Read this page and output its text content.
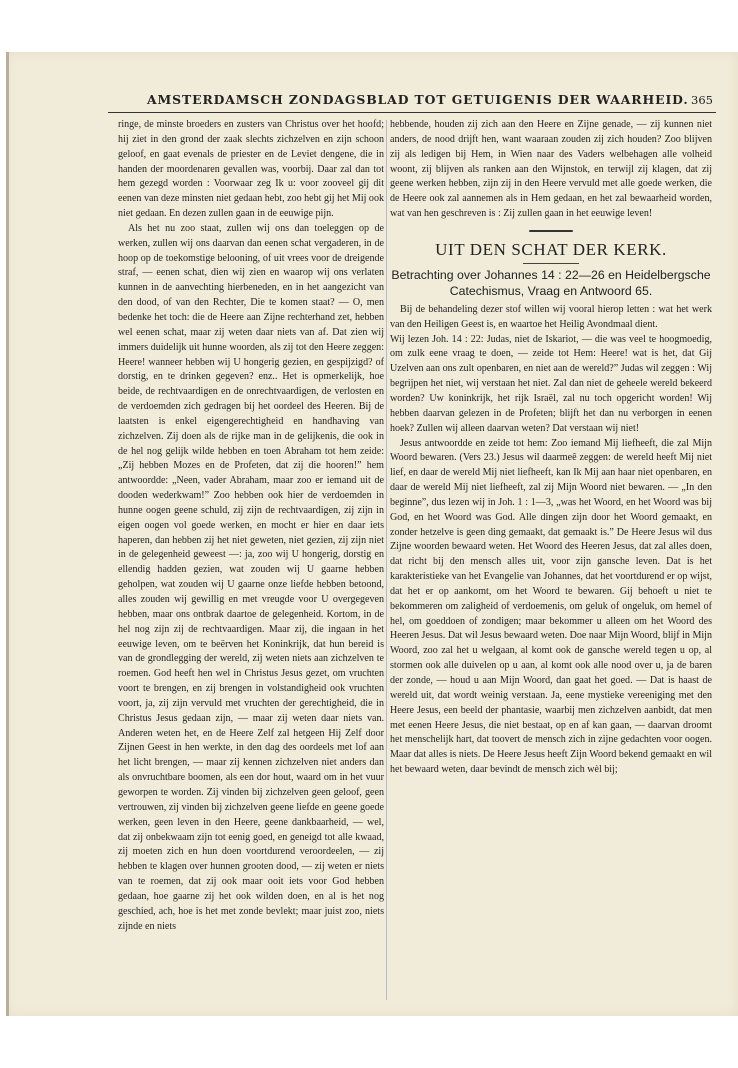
AMSTERDAMSCH ZONDAGSBLAD TOT GETUIGENIS DER WAARHEID. 365

ringe, de minste broeders en zusters van Christus over het hoofd; hij ziet in den grond der zaak slechts zichzelven en zijn schoon geloof, en gaat evenals de priester en de Leviet dengene, die in handen der moordenaren gevallen was, voorbij. Daar zal dan tot hem gezegd worden : Voorwaar zeg Ik u: voor zooveel gij dit eenen van deze minsten niet gedaan hebt, zoo hebt gij het Mij ook niet gedaan. En dezen zullen gaan in de eeuwige pijn.

Als het nu zoo staat, zullen wij ons dan toeleggen op de werken, zullen wij ons daarvan dan eenen schat vergaderen, in de hoop op de toekomstige belooning, of uit vrees voor de dreigende straf, — eenen schat, dien wij zien en waarop wij ons verlaten kunnen in de aanvechting hierbeneden, en in het aangezicht van den dood, of van den Rechter, Die te komen staat? — O, men bedenke het toch: die de Heere aan Zijne rechterhand zet, hebben wel eenen schat, maar zij weten daar niets van af. Dat zien wij immers duidelijk uit hunne woorden, als zij tot den Heere zeggen: Heere! wanneer hebben wij U hongerig gezien, en gespijzigd? of dorstig, en te drinken gegeven? enz.. Het is opmerkelijk, hoe beide, de rechtvaardigen en de onrechtvaardigen, de verlosten en de verdoemden zich gedragen bij het oordeel des Heeren. Bij de laatsten is enkel eigengerechtigheid en handhaving van zichzelven. Zij doen als de rijke man in de gelijkenis, die ook in de hel nog gelijk wilde hebben en toen Abraham tot hem zeide: „Zij hebben Mozes en de Profeten, dat zij die hooren!” hem antwoordde: „Neen, vader Abraham, maar zoo er iemand uit de dooden wederkwam!” Zoo hebben ook hier de verdoemden in hunne oogen geene schuld, zij zijn de rechtvaardigen, zij zijn in eigen oogen vol goede werken, en mocht er hier en daar iets haperen, dan hebben zij het niet geweten, niet gezien, zij zijn niet in de gelegenheid geweest —: ja, zoo wij U hongerig, dorstig en ellendig hadden gezien, wat zouden wij U gaarne hebben geholpen, wat zouden wij U gaarne onze liefde hebben betoond, alles zouden wij gewillig en met vreugde voor U overgegeven hebben, maar ons ontbrak daartoe de gelegenheid. Kortom, in de hel nog zijn zij de rechtvaardigen. Maar zij, die ingaan in het eeuwige leven, om te beërven het Koninkrijk, dat hun bereid is van de grondlegging der wereld, zij weten niets aan zichzelven te roemen. God heeft hen wel in Christus Jesus gezet, om vruchten voort te brengen, en zij brengen in volstandigheid ook vruchten voort, ja, zij zijn vervuld met vruchten der gerechtigheid, die in Christus Jesus gedaan zijn, — maar zij weten daar niets van. Anderen weten het, en de Heere Zelf zal hetgeen Hij Zelf door Zijnen Geest in hen werkte, in den dag des oordeels met lof aan het licht brengen, — maar zij kennen zichzelven niet anders dan als onvruchtbare boomen, als een dor hout, waard om in het vuur geworpen te worden. Zij vinden bij zichzelven geen geloof, geen vertrouwen, zij vinden bij zichzelven geene liefde en geene goede werken, geen leven in den Heere, geene dankbaarheid, — wel, dat zij onbekwaam zijn tot eenig goed, en geneigd tot alle kwaad, zij moeten zich en hun doen voortdurend veroordeelen, — zij hebben te klagen over hunnen grooten dood, — zij weten er niets van te roemen, dat zij ook maar ooit iets voor God hebben gedaan, hoe gaarne zij het ook wilden doen, en al is het nog geschied, ach, hoe is het met zonde bevlekt; maar juist zoo, niets zijnde en niets

hebbende, houden zij zich aan den Heere en Zijne genade, — zij kunnen niet anders, de nood drijft hen, want waaraan zouden zij zich houden? Zoo blijven zij als ledigen bij Hem, in Wien naar des Vaders welbehagen alle volheid woont, zij blijven als ranken aan den Wijnstok, en terwijl zij klagen, dat zij geene werken hebben, zijn zij in den Heere vervuld met alle goede werken, die de Heere ook zal aannemen als in Hem gedaan, en het zal bewaarheid worden, wat van hen geschreven is : Zij zullen gaan in het eeuwige leven!

UIT DEN SCHAT DER KERK.
Betrachting over Johannes 14 : 22—26 en Heidelbergsche Catechismus, Vraag en Antwoord 65.

Bij de behandeling dezer stof willen wij vooral hierop letten : wat het werk van den Heiligen Geest is, en waartoe het Heilig Avondmaal dient.

Wij lezen Joh. 14 : 22: Judas, niet de Iskariot, — die was veel te hoogmoedig, om zulk eene vraag te doen, — zeide tot Hem: Heere! wat is het, dat Gij Uzelven aan ons zult openbaren, en niet aan de wereld?” Judas wil zeggen : Wij begrijpen het niet, wij verstaan het niet. Zal dan niet de geheele wereld bekeerd worden? Uw koninkrijk, het rijk Israël, zal nu toch opgericht worden! Wij hebben daarvan gelezen in de Profeten; blijft het dan nu verborgen in eenen hoek? Zullen wij alleen daarvan weten? Dat verstaan wij niet!

Jesus antwoordde en zeide tot hem: Zoo iemand Mij liefheeft, die zal Mijn Woord bewaren. (Vers 23.) Jesus wil daarmeê zeggen: de wereld heeft Mij niet lief, en daar de wereld Mij niet liefheeft, kan Ik Mij aan haar niet openbaren, en daar de wereld Mij niet liefheeft, zal zij Mijn Woord niet bewaren. — „In den beginne”, dus lezen wij in Joh. 1 : 1—3, „was het Woord, en het Woord was bij God, en het Woord was God. Alle dingen zijn door het Woord gemaakt, en zonder hetzelve is geen ding gemaakt, dat gemaakt is.” De Heere Jesus wil dus Zijne woorden bewaard weten. Het Woord des Heeren Jesus, dat zal alles doen, dat richt bij den mensch alles uit, voor zijn gansche leven. Dat is het karakteristieke van het Evangelie van Johannes, dat het voortdurend er op wijst, dat het er op aankomt, om het Woord te bewaren. Gij behoeft u niet te bekommeren om zaligheid of verdoemenis, om geluk of ongeluk, om hemel of hel, om goeddoen of zondigen; maar bekommer u alleen om het Woord des Heeren Jesus. Dat wil Jesus bewaard weten. Doe naar Mijn Woord, blijf in Mijn Woord, zoo zal het u welgaan, al komt ook de gansche wereld tegen u op, al stormen ook alle duivelen op u aan, al komt ook alle nood over u, ja de baren der zonde, — houd u aan Mijn Woord, dan gaat het goed. — Dat is haast de wereld uit, dat wordt weinig verstaan. Ja, eene mystieke vereeniging met den Heere Jesus, een beeld der phantasie, waarbij men zichzelven aanbidt, dat men met eenen Heere Jesus, die niet bestaat, op en af kan gaan, — daarvan droomt het menschelijk hart, dat toovert de mensch zich in zijne gedachten voor oogen. Maar dat alles is niets. De Heere Jesus heeft Zijn Woord bekend gemaakt en wil het bewaard weten, daar bevindt de mensch zich wèl bij;
